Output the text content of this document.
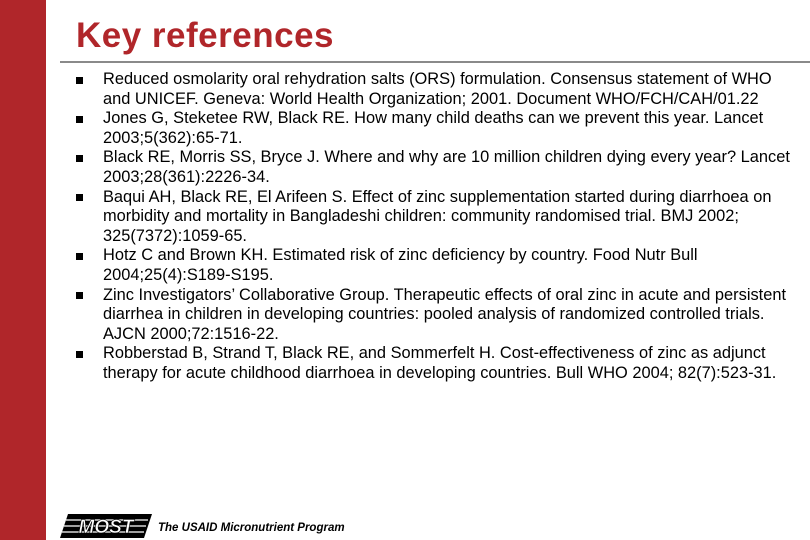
Key references
Reduced osmolarity oral rehydration salts (ORS) formulation. Consensus statement of WHO and UNICEF. Geneva: World Health Organization; 2001. Document WHO/FCH/CAH/01.22
Jones G, Steketee RW, Black RE. How many child deaths can we prevent this year. Lancet 2003;5(362):65-71.
Black RE, Morris SS, Bryce J. Where and why are 10 million children dying every year? Lancet 2003;28(361):2226-34.
Baqui AH, Black RE, El Arifeen S. Effect of zinc supplementation started during diarrhoea on morbidity and mortality in Bangladeshi children: community randomised trial. BMJ 2002; 325(7372):1059-65.
Hotz C and Brown KH. Estimated risk of zinc deficiency by country. Food Nutr Bull 2004;25(4):S189-S195.
Zinc Investigators’ Collaborative Group. Therapeutic effects of oral zinc in acute and persistent diarrhea in children in developing countries: pooled analysis of randomized controlled trials. AJCN 2000;72:1516-22.
Robberstad B, Strand T, Black RE, and Sommerfelt H. Cost-effectiveness of zinc as adjunct therapy for acute childhood diarrhoea in developing countries. Bull WHO 2004; 82(7):523-31.
MOST The USAID Micronutrient Program
